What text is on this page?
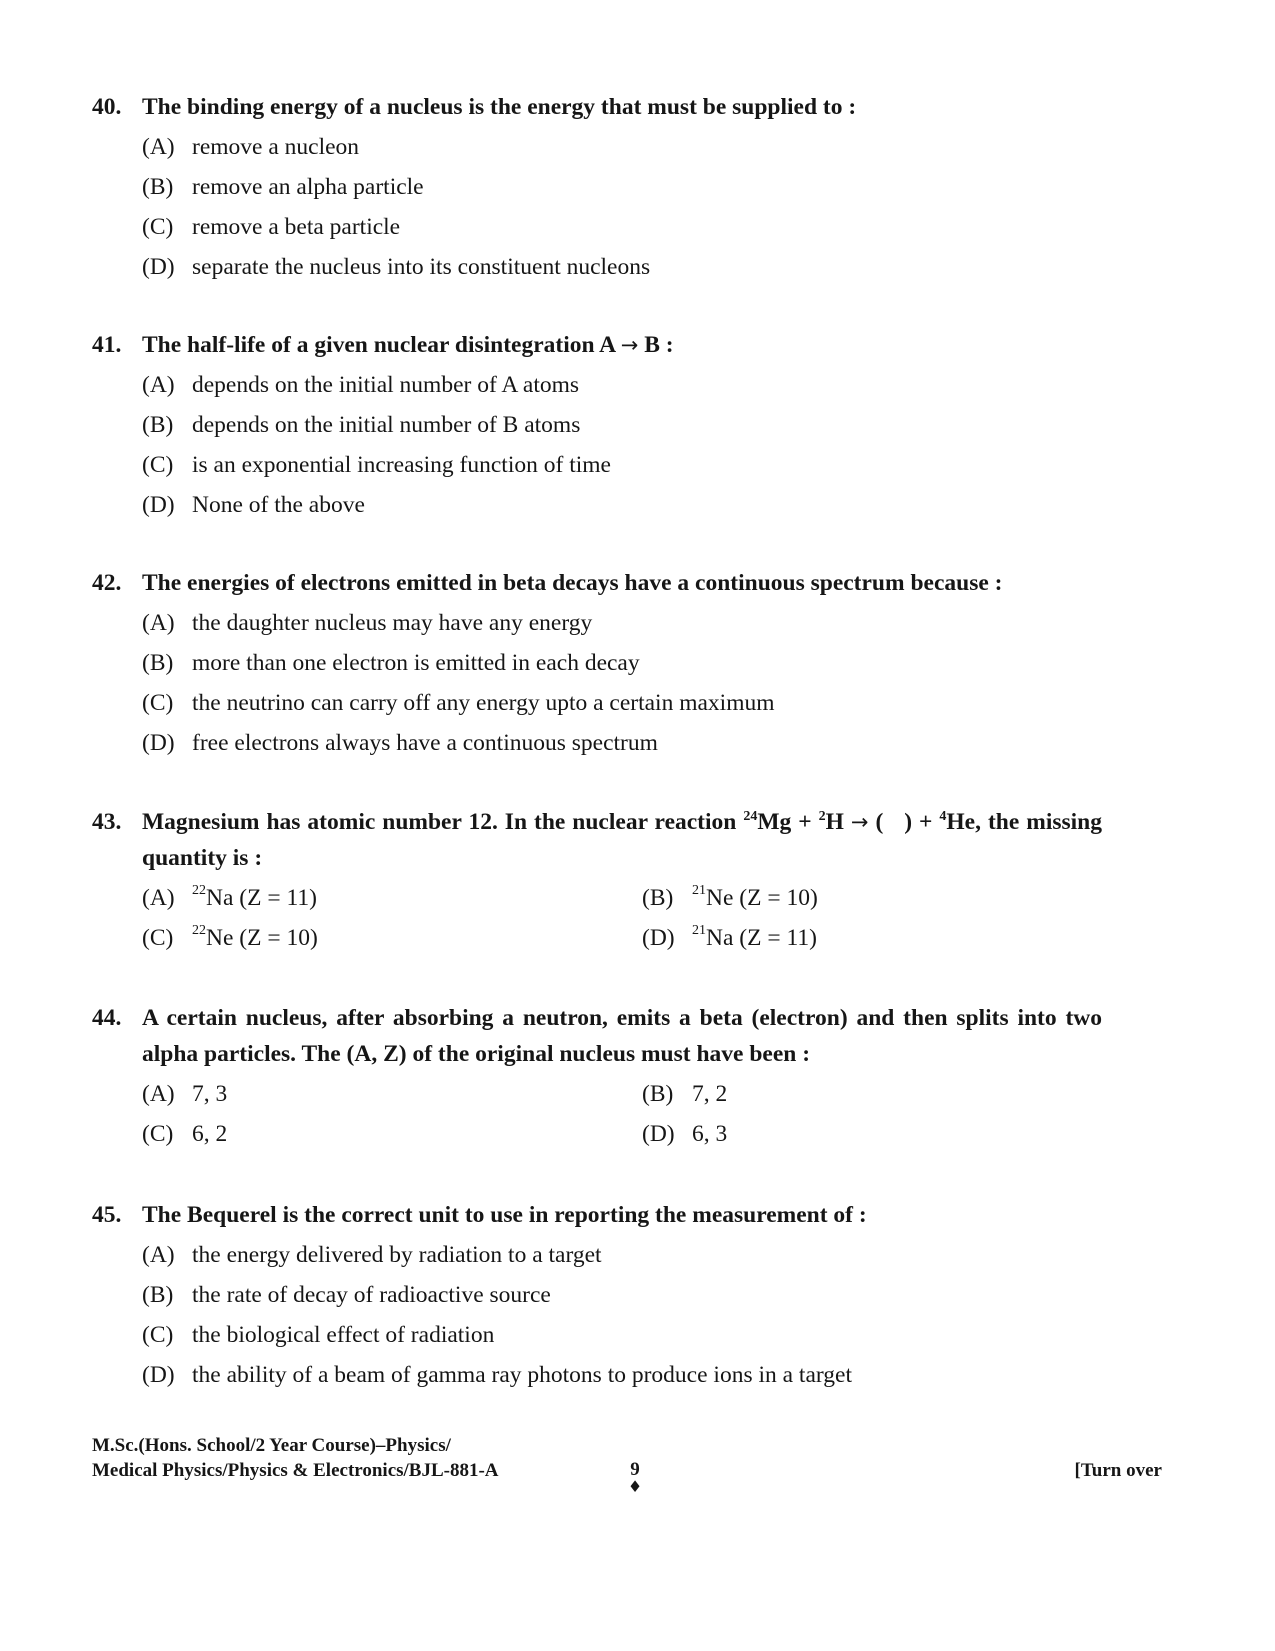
40. The binding energy of a nucleus is the energy that must be supplied to :
(A) remove a nucleon
(B) remove an alpha particle
(C) remove a beta particle
(D) separate the nucleus into its constituent nucleons
41. The half-life of a given nuclear disintegration A → B :
(A) depends on the initial number of A atoms
(B) depends on the initial number of B atoms
(C) is an exponential increasing function of time
(D) None of the above
42. The energies of electrons emitted in beta decays have a continuous spectrum because :
(A) the daughter nucleus may have any energy
(B) more than one electron is emitted in each decay
(C) the neutrino can carry off any energy upto a certain maximum
(D) free electrons always have a continuous spectrum
43. Magnesium has atomic number 12. In the nuclear reaction $^{24}$Mg + $^2$H → (   ) + $^4$He, the missing quantity is :
(A)	$^{22}$Na (Z = 11)	(B)	$^{21}$Ne (Z = 10)
(C)	$^{22}$Ne (Z = 10)	(D)	$^{21}$Na (Z = 11)
44. A certain nucleus, after absorbing a neutron, emits a beta (electron) and then splits into two alpha particles. The (A, Z) of the original nucleus must have been :
(A) 7, 3	(B) 7, 2
(C) 6, 2	(D) 6, 3
45. The Bequerel is the correct unit to use in reporting the measurement of :
(A) the energy delivered by radiation to a target
(B) the rate of decay of radioactive source
(C) the biological effect of radiation
(D) the ability of a beam of gamma ray photons to produce ions in a target
M.Sc.(Hons. School/2 Year Course)–Physics/
Medical Physics/Physics & Electronics/BJL-881-A	9
♦
[Turn over
